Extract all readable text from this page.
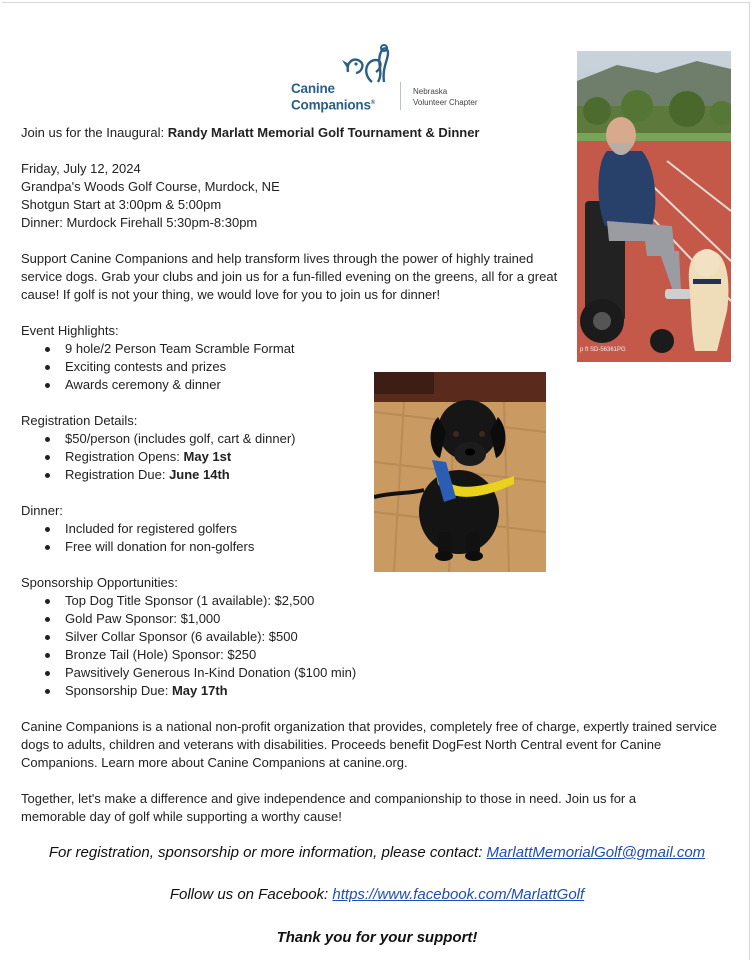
Canine
Companions®
Nebraska
Volunteer Chapter
Join us for the Inaugural: Randy Marlatt Memorial Golf Tournament & Dinner
Friday, July 12, 2024
Grandpa's Woods Golf Course, Murdock, NE
Shotgun Start at 3:00pm & 5:00pm
Dinner: Murdock Firehall 5:30pm-8:30pm
Support Canine Companions and help transform lives through the power of highly trained service dogs. Grab your clubs and join us for a fun-filled evening on the greens, all for a great cause! If golf is not your thing, we would love for you to join us for dinner!
Event Highlights:
9 hole/2 Person Team Scramble Format
Exciting contests and prizes
Awards ceremony & dinner
Registration Details:
$50/person (includes golf, cart & dinner)
Registration Opens: May 1st
Registration Due: June 14th
Dinner:
Included for registered golfers
Free will donation for non-golfers
Sponsorship Opportunities:
Top Dog Title Sponsor (1 available): $2,500
Gold Paw Sponsor: $1,000
Silver Collar Sponsor (6 available): $500
Bronze Tail (Hole) Sponsor: $250
Pawsitively Generous In-Kind Donation ($100 min)
Sponsorship Due: May 17th
Canine Companions is a national non-profit organization that provides, completely free of charge, expertly trained service dogs to adults, children and veterans with disabilities. Proceeds benefit DogFest North Central event for Canine Companions. Learn more about Canine Companions at canine.org.
Together, let's make a difference and give independence and companionship to those in need. Join us for a memorable day of golf while supporting a worthy cause!
For registration, sponsorship or more information, please contact: MarlattMemorialGolf@gmail.com
Follow us on Facebook: https://www.facebook.com/MarlattGolf
Thank you for your support!
p ft SD-56361PG
